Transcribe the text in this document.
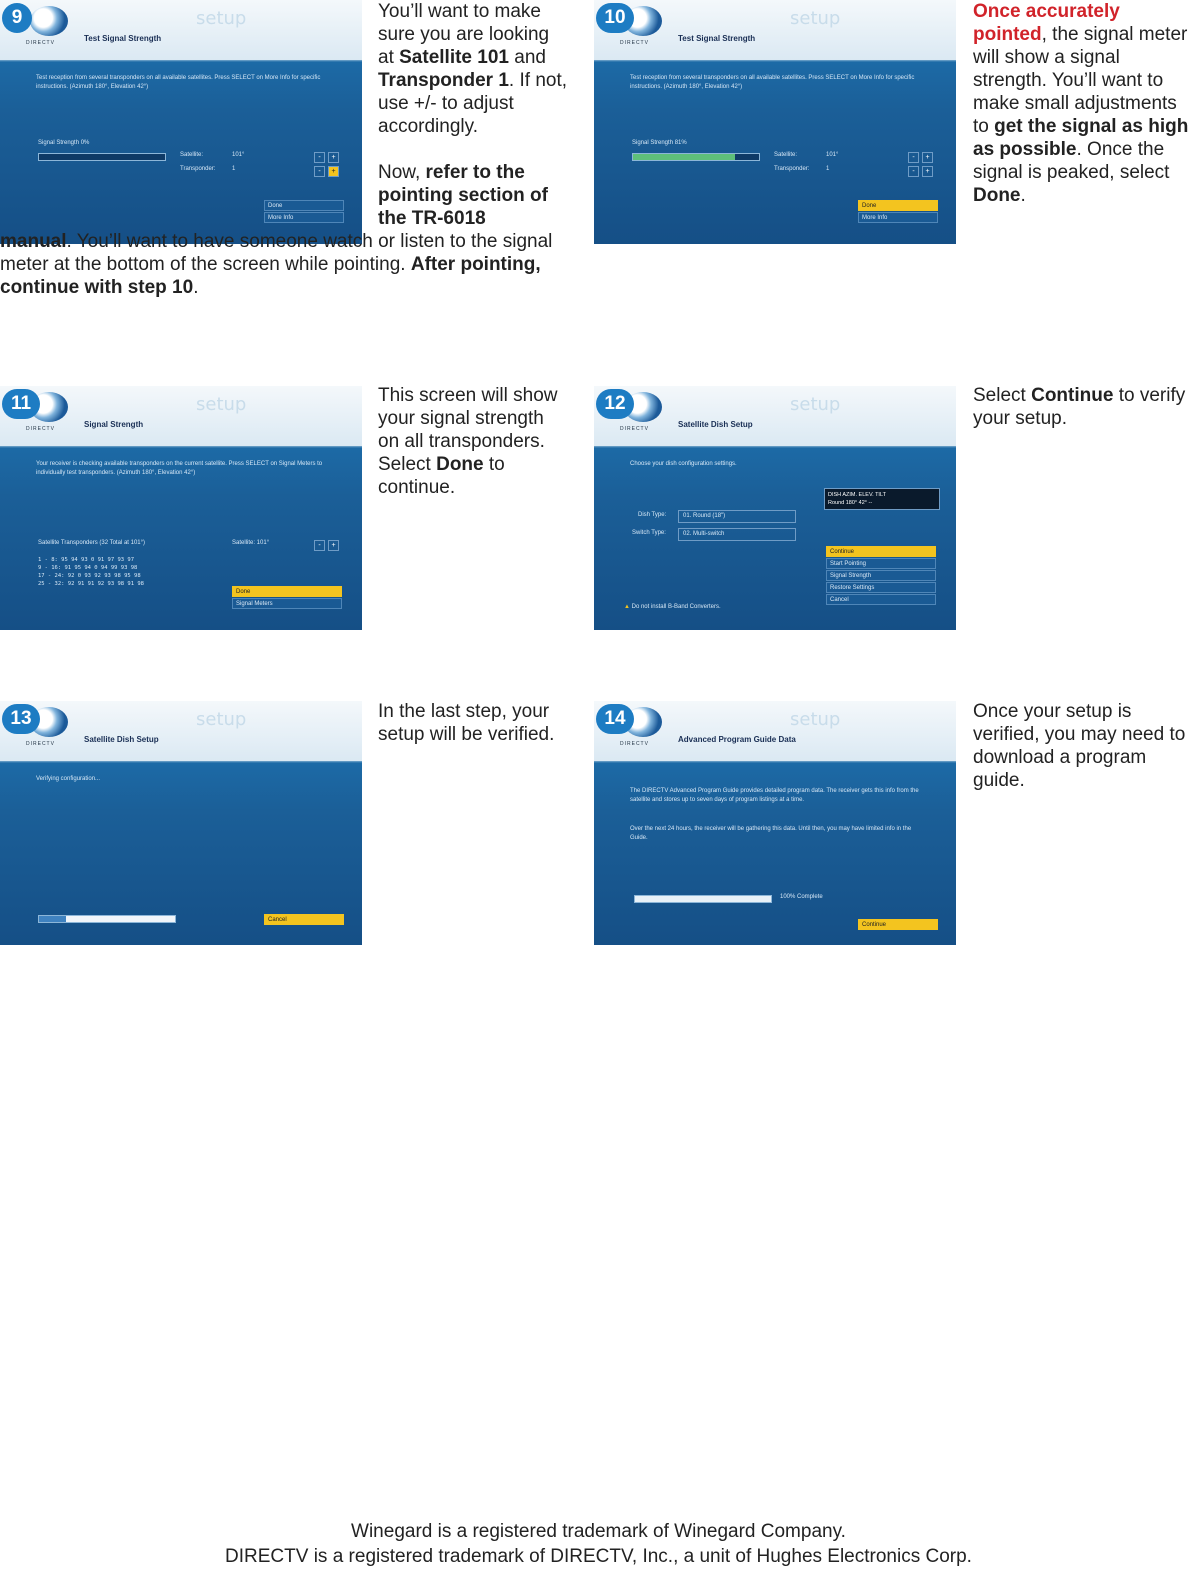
DIRECTV	Test Signal Strength
setup
Test reception from several transponders on all available satellites. Press SELECT on More Info for specific instructions. (Azimuth 180°, Elevation 42°)
Signal Strength 0%
Satellite:	101°
Transponder:	1
-	+
-	+
Done
More Info
9	You’ll want to make sure you are looking at Satellite 101 and Transponder 1. If not, use +/- to adjust accordingly.
Now, refer to the pointing section of the TR-6018
manual. You’ll want to have someone watch or listen to the signal meter at the bottom of the screen while pointing. After pointing, continue with step 10.
DIRECTV	Test Signal Strength
setup
Test reception from several transponders on all available satellites. Press SELECT on More Info for specific instructions. (Azimuth 180°, Elevation 42°)
Signal Strength 81%
Satellite:	101°
Transponder:	1
-	+
-	+
Done
More Info
10	Once accurately pointed, the signal meter will show a signal strength. You’ll want to make small adjustments to get the signal as high as possible. Once the signal is peaked, select Done.
DIRECTV	Signal Strength
setup
Your receiver is checking available transponders on the current satellite. Press SELECT on Signal Meters to individually test transponders. (Azimuth 180°, Elevation 42°)
Satellite Transponders (32 Total at 101°)	Satellite: 101°	-	+
1 - 8: 95 94 93 0 91 97 93 97
9 - 16: 91 95 94 0 94 99 93 98
17 - 24: 92 0 93 92 93 98 95 98
25 - 32: 92 91 91 92 93 98 91 98
Done
Signal Meters
11	This screen will show your signal strength on all transponders. Select Done to continue.
DIRECTV	Satellite Dish Setup
setup
Choose your dish configuration settings.
Dish Type:	01. Round (18")
Switch Type:	02. Multi-switch
DISH AZIM. ELEV. TILT
Round 180° 42° --
Continue
Start Pointing
Signal Strength
Restore Settings
Cancel
▲ Do not install B-Band Converters.
12	Select Continue to verify your setup.
DIRECTV	Satellite Dish Setup
setup
Verifying configuration...
Cancel
13	In the last step, your setup will be verified.	DIRECTV	Advanced Program Guide Data
setup
The DIRECTV Advanced Program Guide provides detailed program data. The receiver gets this info from the satellite and stores up to seven days of program listings at a time.
Over the next 24 hours, the receiver will be gathering this data. Until then, you may have limited info in the Guide.
100% Complete
Continue
14	Once your setup is verified, you may need to download a program guide.
Winegard is a registered trademark of Winegard Company.
DIRECTV is a registered trademark of DIRECTV, Inc., a unit of Hughes Electronics Corp.
